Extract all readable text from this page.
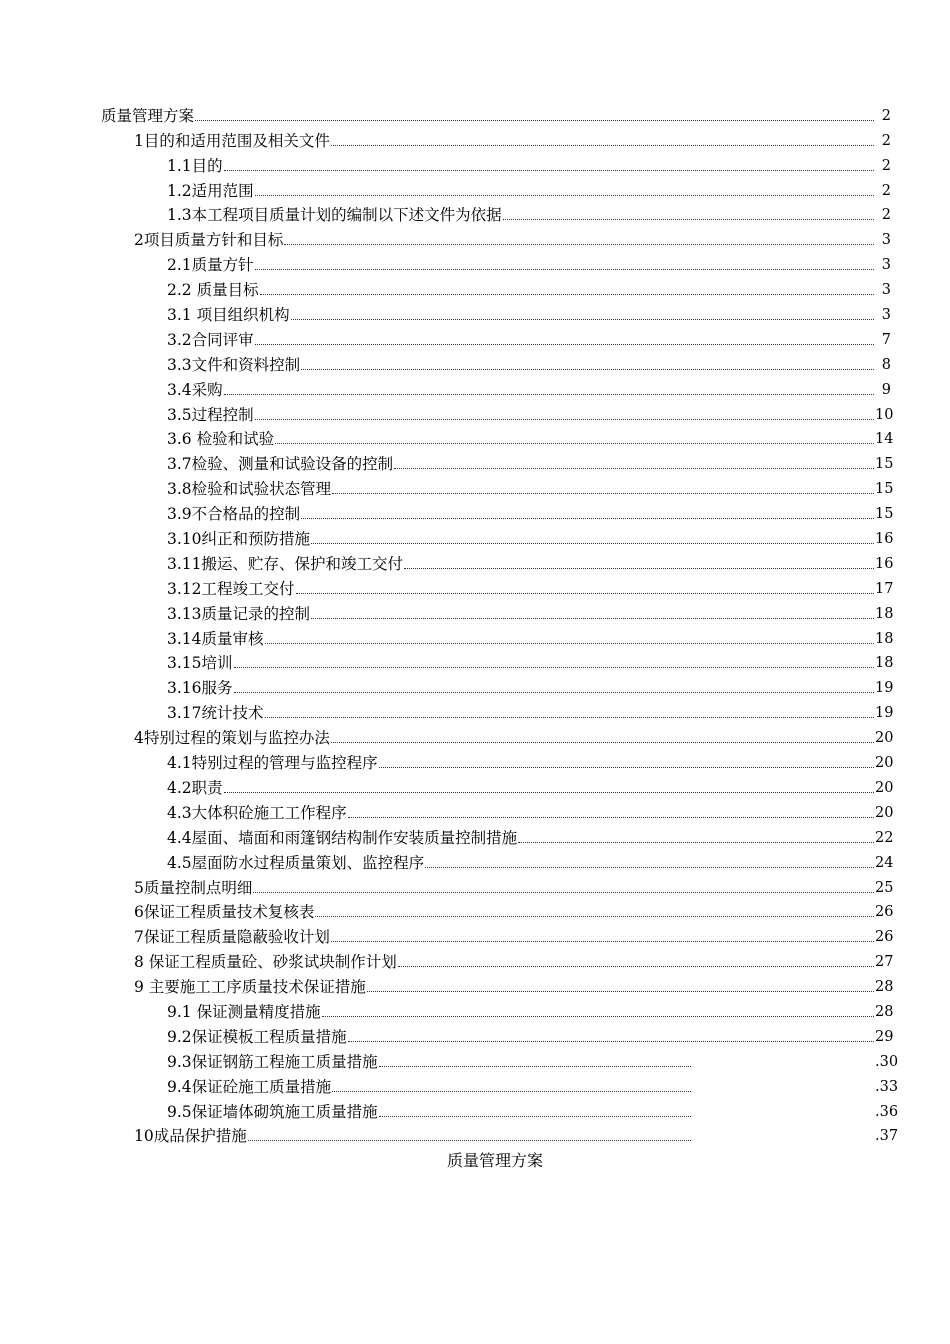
质量管理方案	2
1目的和适用范围及相关文件	2
1.1目的	2
1.2适用范围	2
1.3本工程项目质量计划的编制以下述文件为依据	2
2项目质量方针和目标	3
2.1质量方针	3
2.2 质量目标	3
3.1 项目组织机构	3
3.2合同评审	7
3.3文件和资料控制	8
3.4采购	9
3.5过程控制	10
3.6 检验和试验	14
3.7检验、测量和试验设备的控制	15
3.8检验和试验状态管理	15
3.9不合格品的控制	15
3.10纠正和预防措施	16
3.11搬运、贮存、保护和竣工交付	16
3.12工程竣工交付	17
3.13质量记录的控制	18
3.14质量审核	18
3.15培训	18
3.16服务	19
3.17统计技术	19
4特别过程的策划与监控办法	20
4.1特别过程的管理与监控程序	20
4.2职责	20
4.3大体积砼施工工作程序	20
4.4屋面、墙面和雨篷钢结构制作安装质量控制措施	22
4.5屋面防水过程质量策划、监控程序	24
5质量控制点明细	25
6保证工程质量技术复核表	26
7保证工程质量隐蔽验收计划	26
8 保证工程质量砼、砂浆试块制作计划	27
9 主要施工工序质量技术保证措施	28
9.1 保证测量精度措施	28
9.2保证模板工程质量措施	29
9.3保证钢筋工程施工质量措施	.30
9.4保证砼施工质量措施	.33
9.5保证墙体砌筑施工质量措施	.36
10成品保护措施	.37
质量管理方案
